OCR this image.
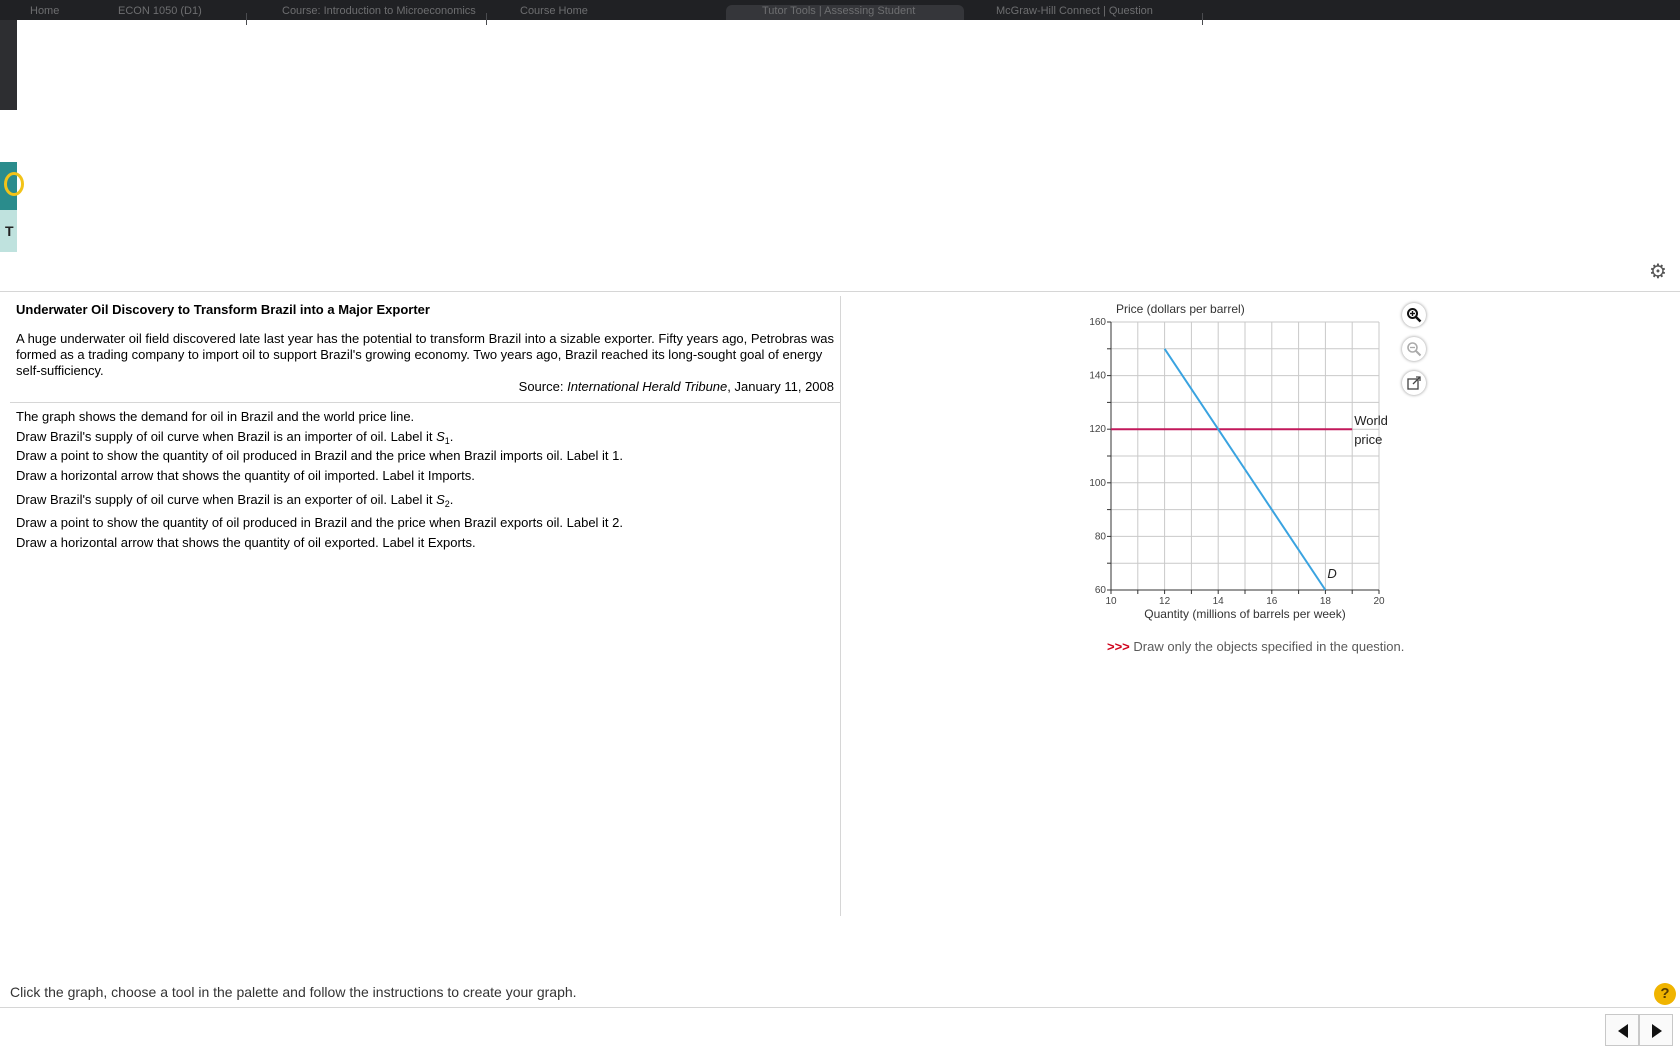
Home	ECON 1050 (D1)	Course: Introduction to Microeconomics	Course Home	Tutor Tools | Assessing Student	McGraw-Hill Connect | Question
T
⚙
Underwater Oil Discovery to Transform Brazil into a Major Exporter
A huge underwater oil field discovered late last year has the potential to transform Brazil into a sizable exporter. Fifty years ago, Petrobras was formed as a trading company to import oil to support Brazil's growing economy. Two years ago, Brazil reached its long-sought goal of energy self-sufficiency.
Source: International Herald Tribune, January 11, 2008
The graph shows the demand for oil in Brazil and the world price line.
Draw Brazil's supply of oil curve when Brazil is an importer of oil. Label it $S_1$.
Draw a point to show the quantity of oil produced in Brazil and the price when Brazil imports oil. Label it 1.
Draw a horizontal arrow that shows the quantity of oil imported. Label it Imports.
Draw Brazil's supply of oil curve when Brazil is an exporter of oil. Label it $S_2$.
Draw a point to show the quantity of oil produced in Brazil and the price when Brazil exports oil. Label it 2.
Draw a horizontal arrow that shows the quantity of oil exported. Label it Exports.
10	12	14	16	18	20
60
80
100
120
140
160
Price (dollars per barrel)
Quantity (millions of barrels per week)
World
price
D
>>> Draw only the objects specified in the question.
Click the graph, choose a tool in the palette and follow the instructions to create your graph.	?
